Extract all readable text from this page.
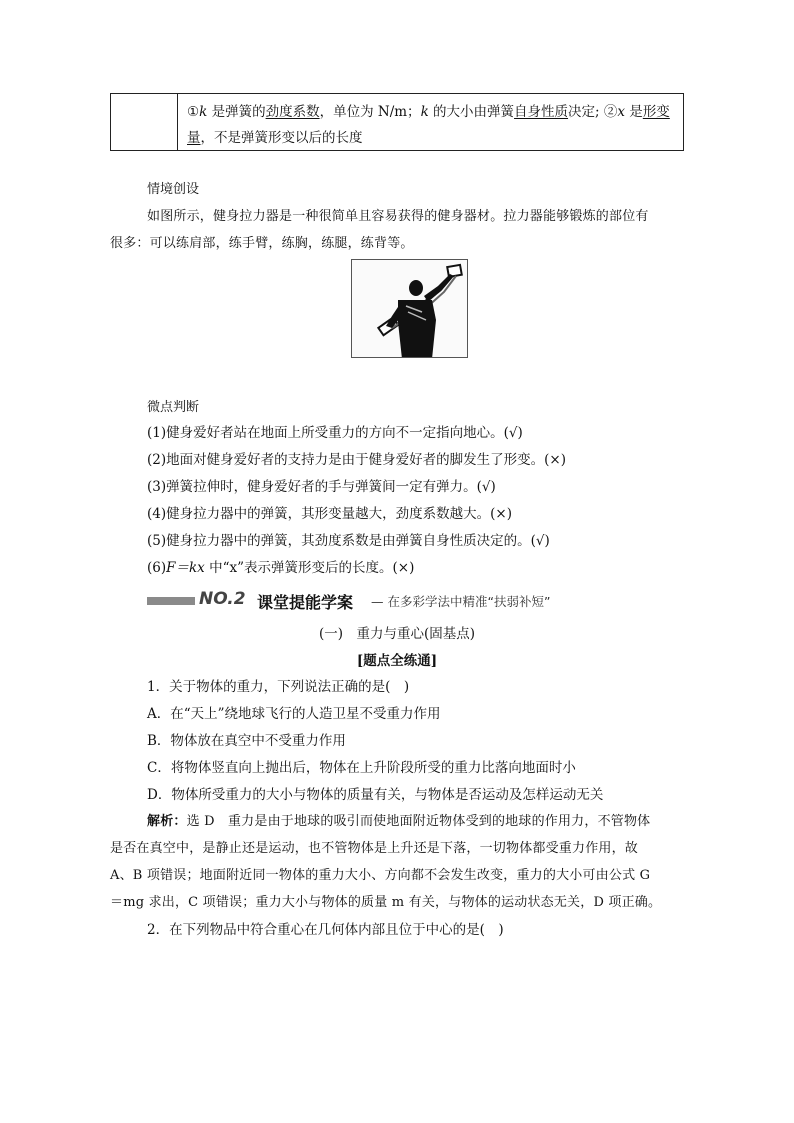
①k 是弹簧的劲度系数，单位为 N/m；k 的大小由弹簧自身性质决定; ②x 是形变
量，不是弹簧形变以后的长度
情境创设
如图所示，健身拉力器是一种很简单且容易获得的健身器材。拉力器能够锻炼的部位有
很多：可以练肩部，练手臂，练胸，练腿，练背等。
微点判断
(1)健身爱好者站在地面上所受重力的方向不一定指向地心。(√)
(2)地面对健身爱好者的支持力是由于健身爱好者的脚发生了形变。(×)
(3)弹簧拉伸时，健身爱好者的手与弹簧间一定有弹力。(√)
(4)健身拉力器中的弹簧，其形变量越大，劲度系数越大。(×)
(5)健身拉力器中的弹簧，其劲度系数是由弹簧自身性质决定的。(√)
(6)F＝kx 中“x”表示弹簧形变后的长度。(×)
NO.2 课堂提能学案 — 在多彩学法中精准“扶弱补短”
(一)　重力与重心(固基点)
[题点全练通]
1．关于物体的重力，下列说法正确的是(　)
A．在“天上”绕地球飞行的人造卫星不受重力作用
B．物体放在真空中不受重力作用
C．将物体竖直向上抛出后，物体在上升阶段所受的重力比落向地面时小
D．物体所受重力的大小与物体的质量有关，与物体是否运动及怎样运动无关
解析：选 D　重力是由于地球的吸引而使地面附近物体受到的地球的作用力，不管物体
是否在真空中，是静止还是运动，也不管物体是上升还是下落，一切物体都受重力作用，故
A、B 项错误；地面附近同一物体的重力大小、方向都不会发生改变，重力的大小可由公式 G
＝mg 求出，C 项错误；重力大小与物体的质量 m 有关，与物体的运动状态无关，D 项正确。
2．在下列物品中符合重心在几何体内部且位于中心的是(　)
